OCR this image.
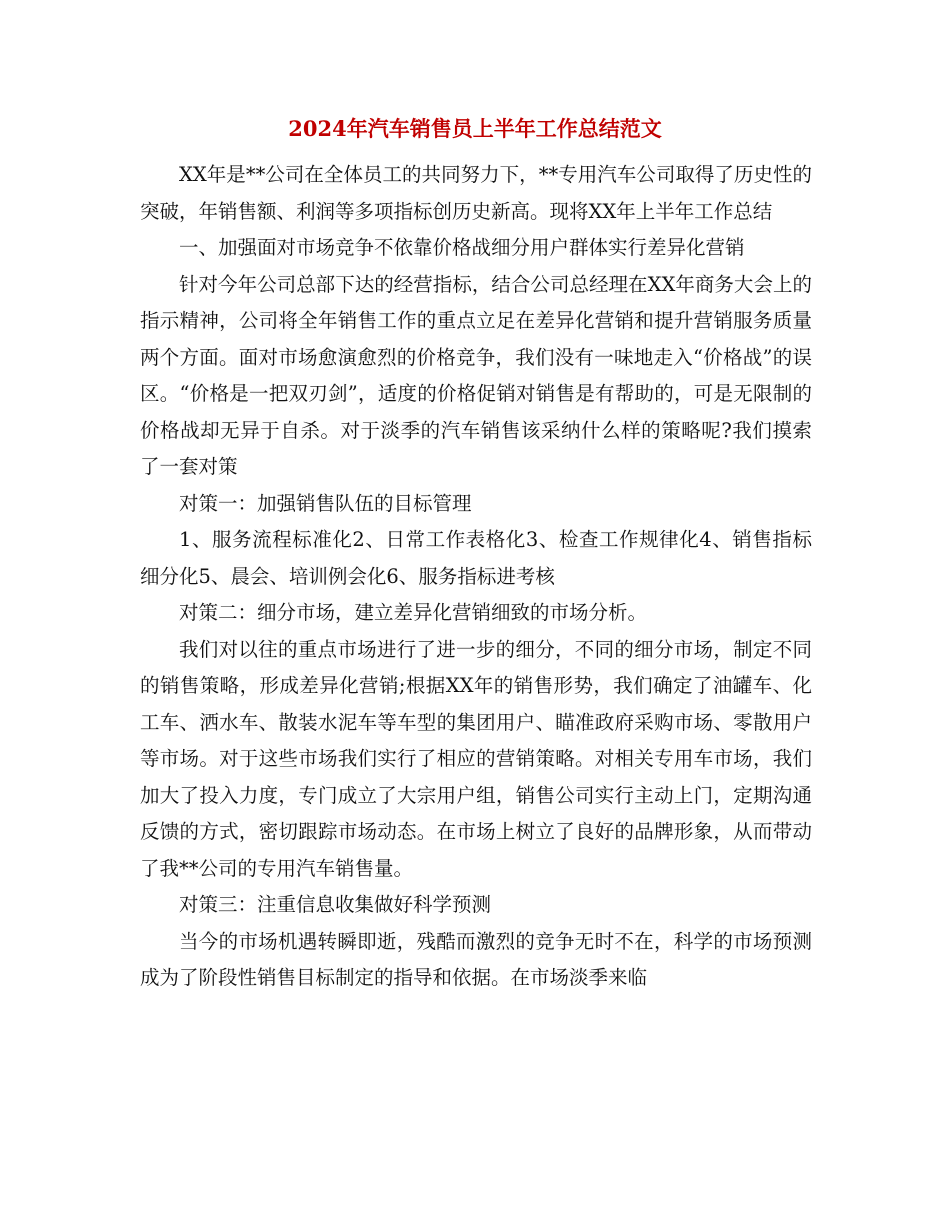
2024年汽车销售员上半年工作总结范文

XX年是**公司在全体员工的共同努力下，**专用汽车公司取得了历史性的突破，年销售额、利润等多项指标创历史新高。现将XX年上半年工作总结

一、加强面对市场竞争不依靠价格战细分用户群体实行差异化营销

针对今年公司总部下达的经营指标，结合公司总经理在XX年商务大会上的指示精神，公司将全年销售工作的重点立足在差异化营销和提升营销服务质量两个方面。面对市场愈演愈烈的价格竞争，我们没有一味地走入“价格战”的误区。“价格是一把双刃剑”，适度的价格促销对销售是有帮助的，可是无限制的价格战却无异于自杀。对于淡季的汽车销售该采纳什么样的策略呢?我们摸索了一套对策

对策一：加强销售队伍的目标管理

1、服务流程标准化2、日常工作表格化3、检查工作规律化4、销售指标细分化5、晨会、培训例会化6、服务指标进考核

对策二：细分市场，建立差异化营销细致的市场分析。

我们对以往的重点市场进行了进一步的细分，不同的细分市场，制定不同的销售策略，形成差异化营销;根据XX年的销售形势，我们确定了油罐车、化工车、洒水车、散装水泥车等车型的集团用户、瞄准政府采购市场、零散用户等市场。对于这些市场我们实行了相应的营销策略。对相关专用车市场，我们加大了投入力度，专门成立了大宗用户组，销售公司实行主动上门，定期沟通反馈的方式，密切跟踪市场动态。在市场上树立了良好的品牌形象，从而带动了我**公司的专用汽车销售量。

对策三：注重信息收集做好科学预测

当今的市场机遇转瞬即逝，残酷而激烈的竞争无时不在，科学的市场预测成为了阶段性销售目标制定的指导和依据。在市场淡季来临
